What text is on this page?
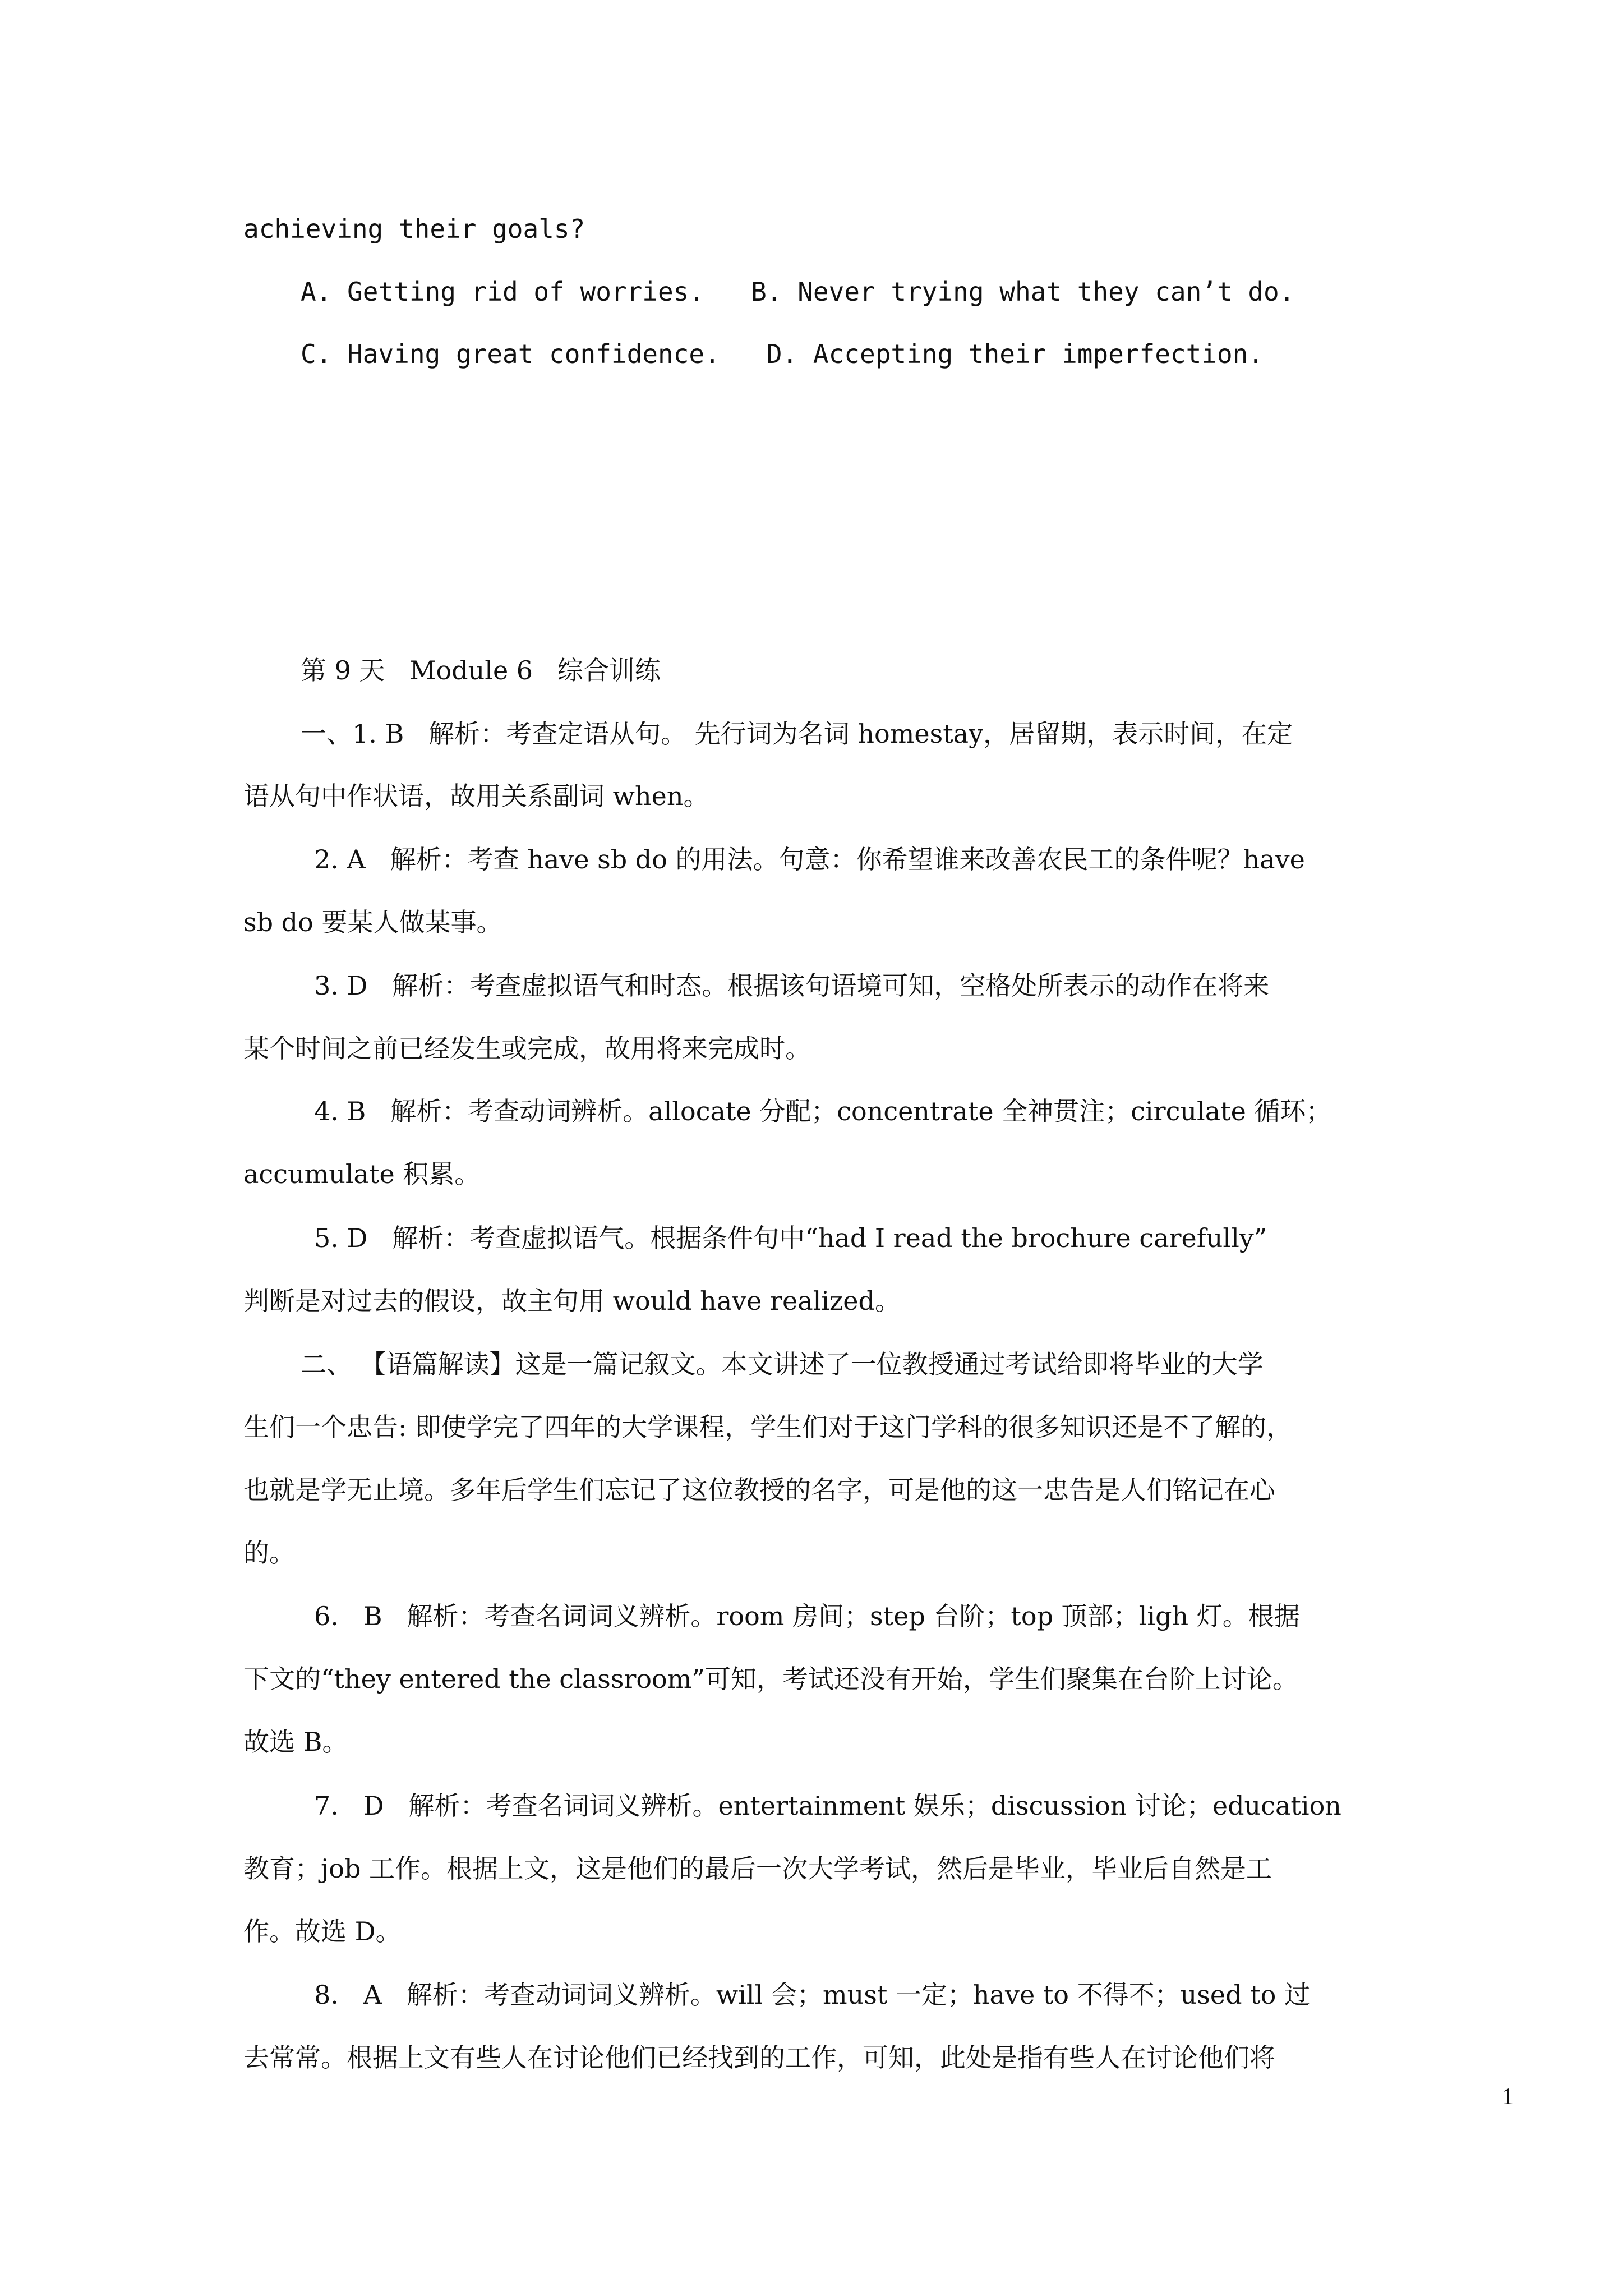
achieving their goals?
A. Getting rid of worries.   B. Never trying what they can’t do.
C. Having great confidence.   D. Accepting their imperfection.
第 9 天   Module 6   综合训练
一、1. B   解析：考查定语从句。 先行词为名词 homestay，居留期，表示时间，在定
语从句中作状语，故用关系副词 when。
2. A   解析：考查 have sb do 的用法。句意：你希望谁来改善农民工的条件呢？have
sb do 要某人做某事。
3. D   解析：考查虚拟语气和时态。根据该句语境可知，空格处所表示的动作在将来
某个时间之前已经发生或完成，故用将来完成时。
4. B   解析：考查动词辨析。allocate 分配；concentrate 全神贯注；circulate 循环；
accumulate 积累。
5. D   解析：考查虚拟语气。根据条件句中“had I read the brochure carefully”
判断是对过去的假设，故主句用 would have realized。
二、 【语篇解读】这是一篇记叙文。本文讲述了一位教授通过考试给即将毕业的大学
生们一个忠告: 即使学完了四年的大学课程，学生们对于这门学科的很多知识还是不了解的，
也就是学无止境。多年后学生们忘记了这位教授的名字，可是他的这一忠告是人们铭记在心
的。
6.   B   解析：考查名词词义辨析。room 房间；step 台阶；top 顶部；ligh 灯。根据
下文的“they entered the classroom”可知，考试还没有开始，学生们聚集在台阶上讨论。
故选 B。
7.   D   解析：考查名词词义辨析。entertainment 娱乐；discussion 讨论；education
教育；job 工作。根据上文，这是他们的最后一次大学考试，然后是毕业，毕业后自然是工
作。故选 D。
8.   A   解析：考查动词词义辨析。will 会；must 一定；have to 不得不；used to 过
去常常。根据上文有些人在讨论他们已经找到的工作，可知，此处是指有些人在讨论他们将
1
